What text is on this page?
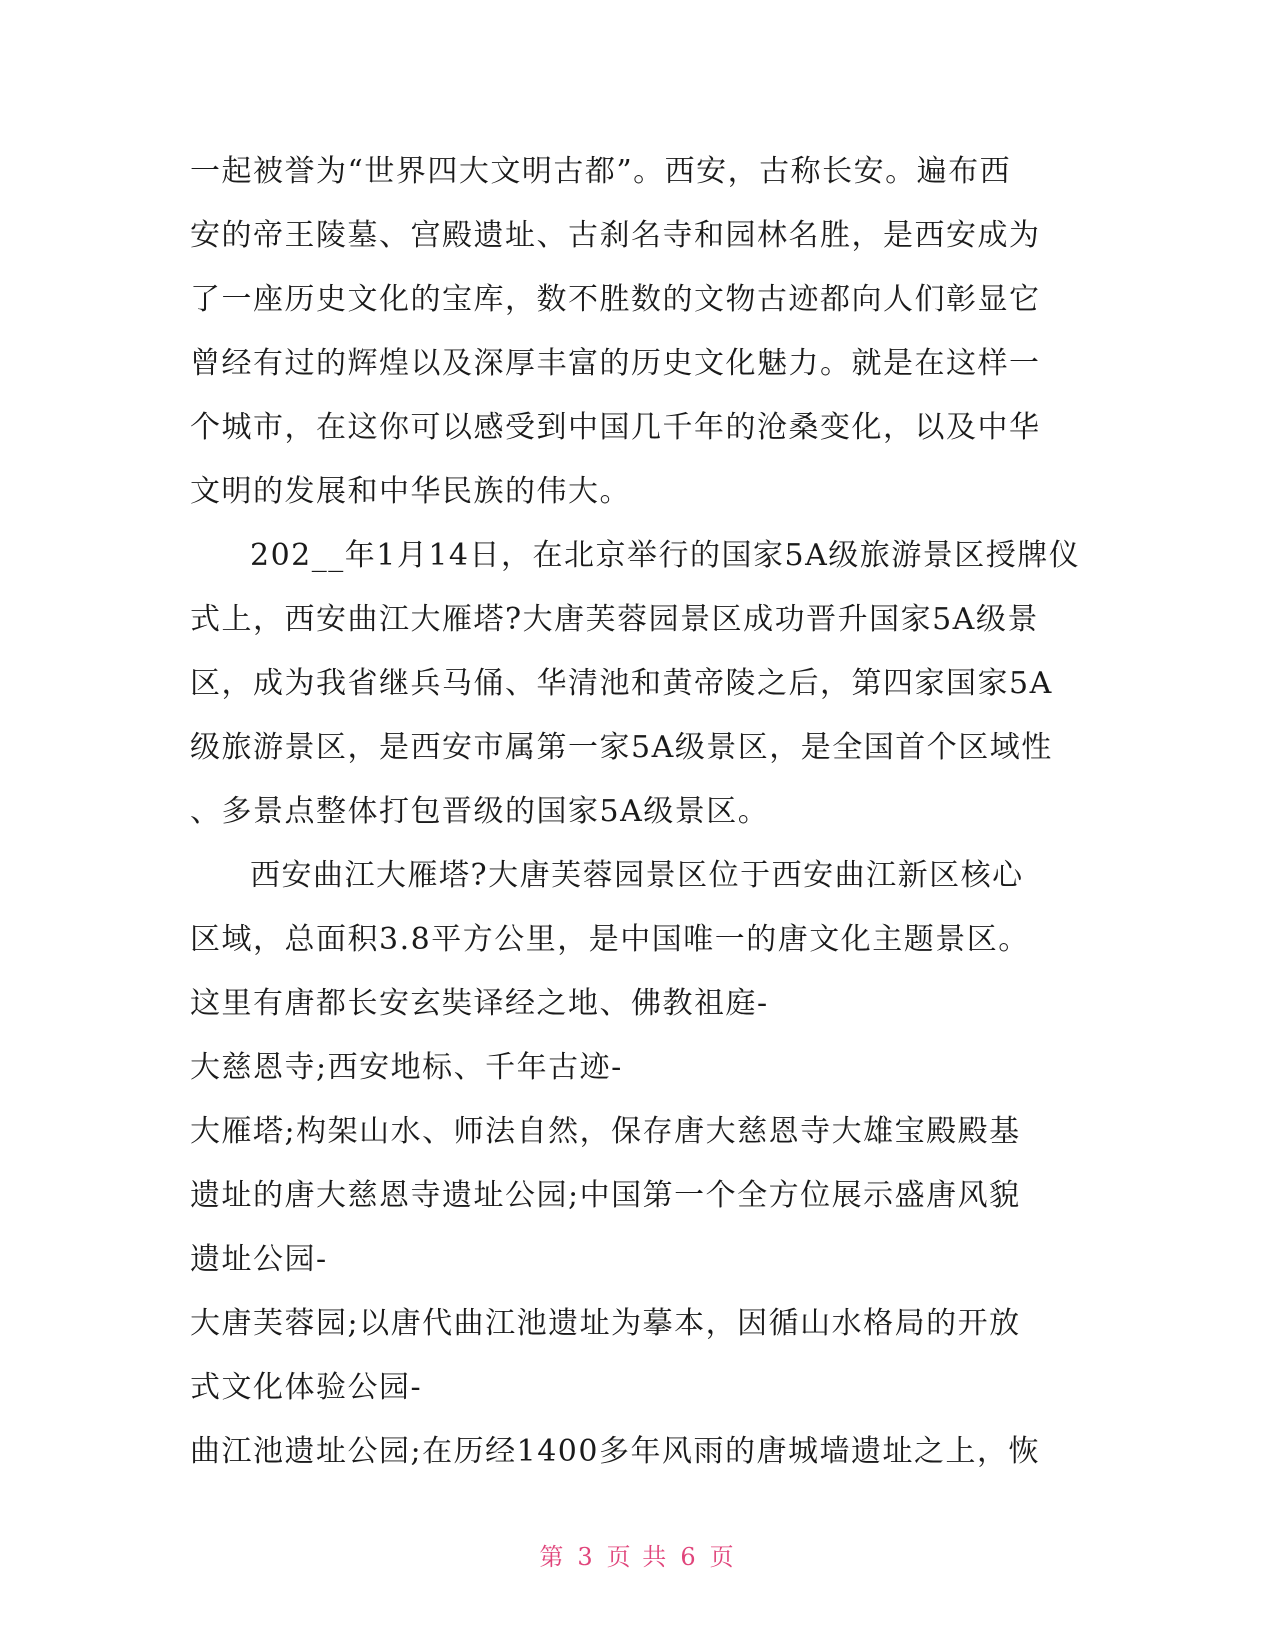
一起被誉为“世界四大文明古都”。西安，古称长安。遍布西
安的帝王陵墓、宫殿遗址、古刹名寺和园林名胜，是西安成为
了一座历史文化的宝库，数不胜数的文物古迹都向人们彰显它
曾经有过的辉煌以及深厚丰富的历史文化魅力。就是在这样一
个城市，在这你可以感受到中国几千年的沧桑变化，以及中华
文明的发展和中华民族的伟大。
202__年1月14日，在北京举行的国家5A级旅游景区授牌仪
式上，西安曲江大雁塔?大唐芙蓉园景区成功晋升国家5A级景
区，成为我省继兵马俑、华清池和黄帝陵之后，第四家国家5A
级旅游景区，是西安市属第一家5A级景区，是全国首个区域性
、多景点整体打包晋级的国家5A级景区。
西安曲江大雁塔?大唐芙蓉园景区位于西安曲江新区核心
区域，总面积3.8平方公里，是中国唯一的唐文化主题景区。
这里有唐都长安玄奘译经之地、佛教祖庭-
大慈恩寺;西安地标、千年古迹-
大雁塔;构架山水、师法自然，保存唐大慈恩寺大雄宝殿殿基
遗址的唐大慈恩寺遗址公园;中国第一个全方位展示盛唐风貌
遗址公园-
大唐芙蓉园;以唐代曲江池遗址为摹本，因循山水格局的开放
式文化体验公园-
曲江池遗址公园;在历经1400多年风雨的唐城墙遗址之上，恢
第 3 页 共 6 页
